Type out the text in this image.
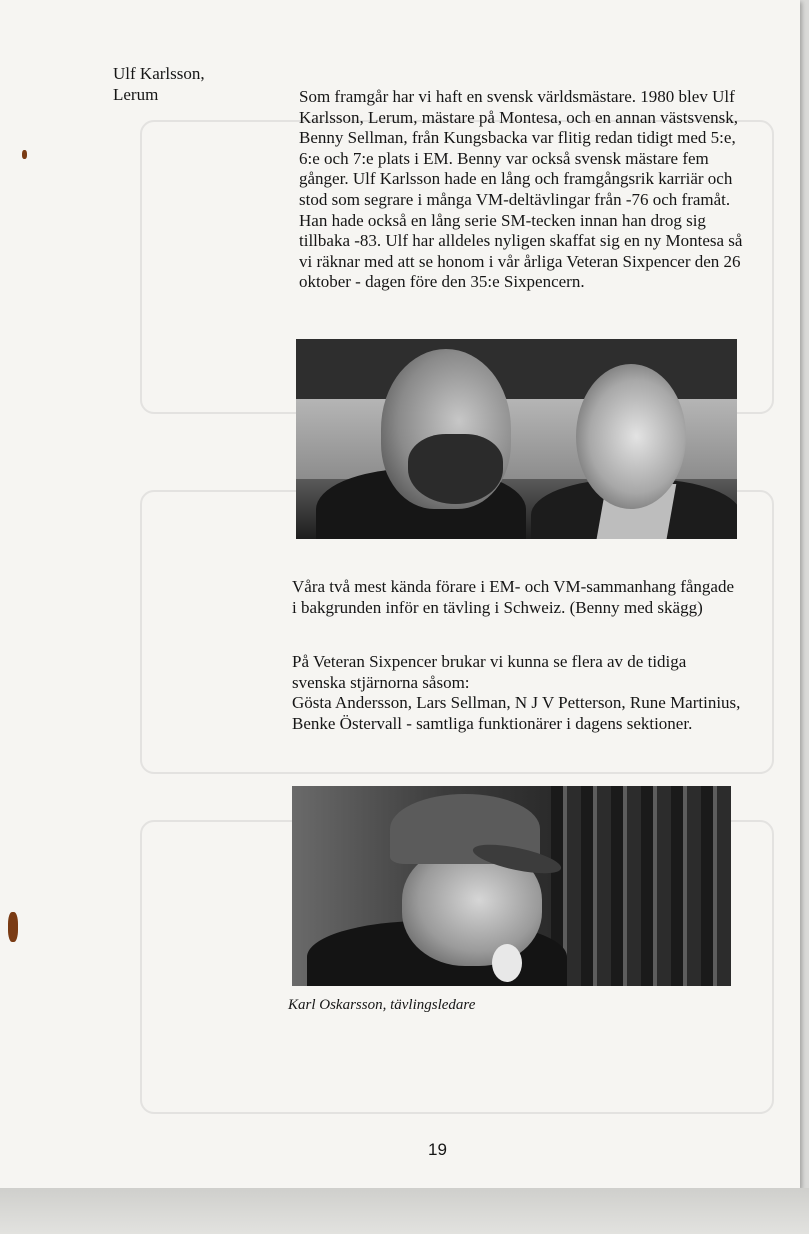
Ulf Karlsson,
Lerum	Som framgår har vi haft en svensk världsmästare. 1980 blev Ulf Karlsson, Lerum, mästare på Montesa, och en annan västsvensk, Benny Sellman, från Kungsbacka var flitig redan tidigt med 5:e, 6:e och 7:e plats i EM. Benny var också svensk mästare fem gånger. Ulf Karlsson hade en lång och framgångsrik karriär och stod som segrare i många VM-deltävlingar från -76 och framåt. Han hade också en lång serie SM-tecken innan han drog sig tillbaka -83. Ulf har alldeles nyligen skaffat sig en ny Montesa så vi räknar med att se honom i vår årliga Veteran Sixpencer den 26 oktober - dagen före den 35:e Sixpencern.
Våra två mest kända förare i EM- och VM-sammanhang fångade i bakgrunden inför en tävling i Schweiz. (Benny med skägg)
På Veteran Sixpencer brukar vi kunna se flera av de tidiga svenska stjärnorna såsom:
Gösta Andersson, Lars Sellman, N J V Petterson, Rune Martinius, Benke Östervall - samtliga funktionärer i dagens sektioner.
Karl Oskarsson, tävlingsledare
19
